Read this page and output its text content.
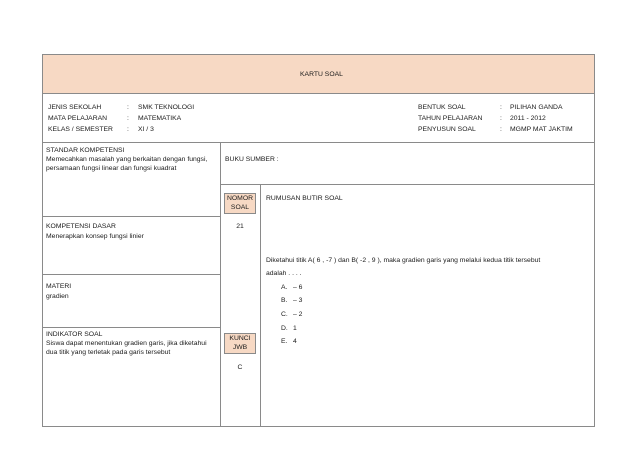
KARTU SOAL
JENIS SEKOLAH
MATA PELAJARAN
KELAS / SEMESTER
:
:
:
SMK TEKNOLOGI
MATEMATIKA
XI / 3
BENTUK SOAL
TAHUN PELAJARAN
PENYUSUN SOAL
:
:
:
PILIHAN GANDA
2011 - 2012
MGMP MAT JAKTIM
STANDAR KOMPETENSI
Memecahkan masalah yang berkaitan dengan fungsi, persamaan fungsi linear dan fungsi kuadrat
BUKU SUMBER :
NOMOR
SOAL
21
RUMUSAN BUTIR SOAL
KOMPETENSI DASAR
Menerapkan konsep fungsi linier
MATERI
gradien
INDIKATOR SOAL
Siswa dapat menentukan gradien garis, jika diketahui dua titik yang terletak pada garis tersebut
KUNCI
JWB
C
Diketahui titik A( 6 , -7 ) dan B( -2 , 9 ), maka gradien garis yang melalui kedua titik tersebut
adalah . . . .
A. – 6
B. – 3
C. – 2
D. 1
E. 4
